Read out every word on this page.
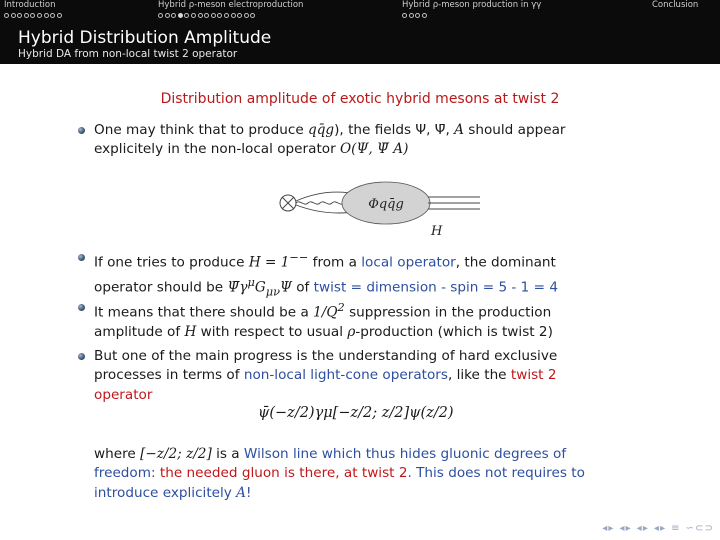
Introduction	Hybrid ρ-meson electroproduction	Hybrid ρ-meson production in γγ	Conclusion
Hybrid Distribution Amplitude
Hybrid DA from non-local twist 2 operator
Distribution amplitude of exotic hybrid mesons at twist 2
One may think that to produce qq̄g), the fields Ψ, Ψ̄, A should appear
explicitely in the non-local operator O(Ψ, Ψ̄ A)
Φqq̄g
H
If one tries to produce H = 1−− from a local operator, the dominant
operator should be $\Psī\gamma^\mu G_{\mu\nu}\Psi$ of twist = dimension - spin = 5 - 1 = 4
It means that there should be a $1/Q^2$ suppression in the production
amplitude of H with respect to usual ρ-production (which is twist 2)
But one of the main progress is the understanding of hard exclusive
processes in terms of non-local light-cone operators, like the twist 2
operator
ψ̄(−z/2)γμ[−z/2; z/2]ψ(z/2)
where [−z/2; z/2] is a Wilson line which thus hides gluonic degrees of
freedom: the needed gluon is there, at twist 2. This does not requires to
introduce explicitely A!
◂ ▸ ◂ ▸ ◂ ▸ ◂ ▸ ≡ ∽ ⊂ ⊃
